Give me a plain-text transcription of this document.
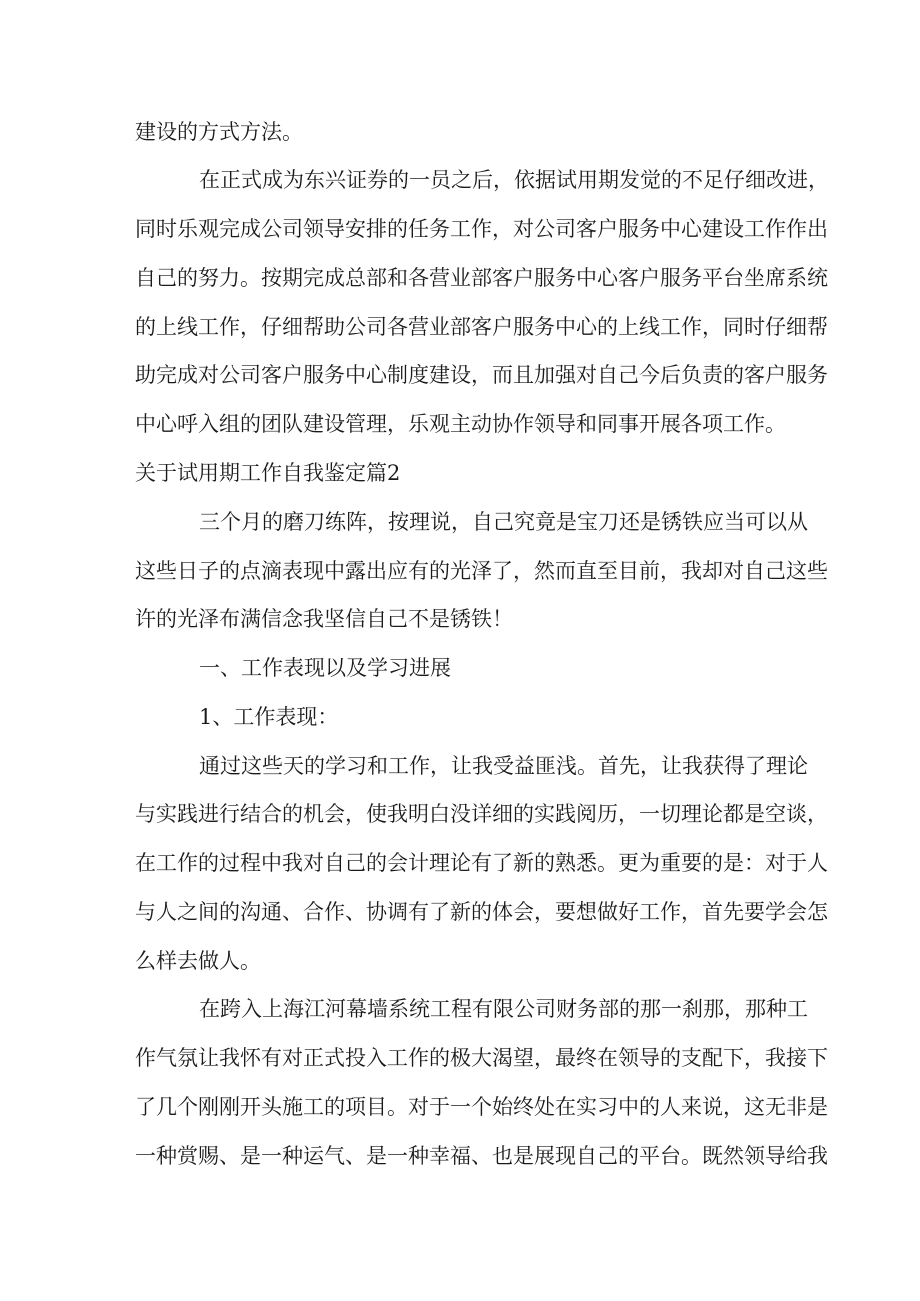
建设的方式方法。
在正式成为东兴证券的一员之后，依据试用期发觉的不足仔细改进，
同时乐观完成公司领导安排的任务工作，对公司客户服务中心建设工作作出
自己的努力。按期完成总部和各营业部客户服务中心客户服务平台坐席系统
的上线工作，仔细帮助公司各营业部客户服务中心的上线工作，同时仔细帮
助完成对公司客户服务中心制度建设，而且加强对自己今后负责的客户服务
中心呼入组的团队建设管理，乐观主动协作领导和同事开展各项工作。
关于试用期工作自我鉴定篇2
三个月的磨刀练阵，按理说，自己究竟是宝刀还是锈铁应当可以从
这些日子的点滴表现中露出应有的光泽了，然而直至目前，我却对自己这些
许的光泽布满信念我坚信自己不是锈铁！
一、工作表现以及学习进展
1、工作表现：
通过这些天的学习和工作，让我受益匪浅。首先，让我获得了理论
与实践进行结合的机会，使我明白没详细的实践阅历，一切理论都是空谈，
在工作的过程中我对自己的会计理论有了新的熟悉。更为重要的是：对于人
与人之间的沟通、合作、协调有了新的体会，要想做好工作，首先要学会怎
么样去做人。
在跨入上海江河幕墙系统工程有限公司财务部的那一刹那，那种工
作气氛让我怀有对正式投入工作的极大渴望，最终在领导的支配下，我接下
了几个刚刚开头施工的项目。对于一个始终处在实习中的人来说，这无非是
一种赏赐、是一种运气、是一种幸福、也是展现自己的平台。既然领导给我
